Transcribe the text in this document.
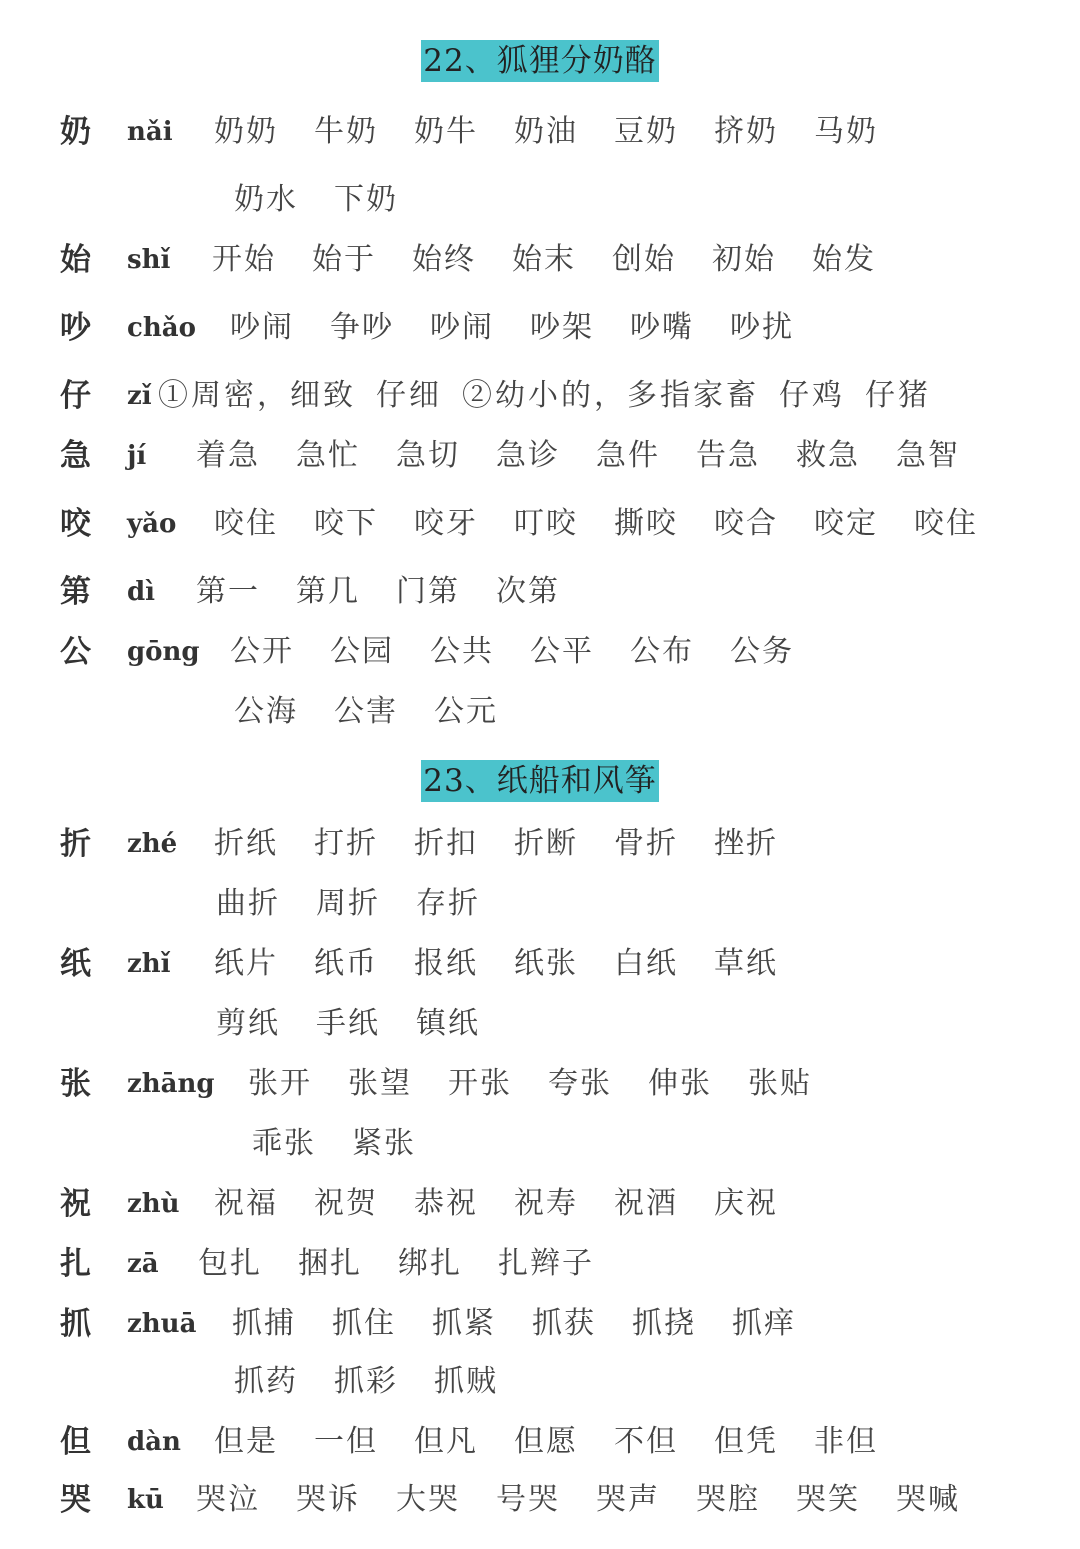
22、狐狸分奶酪
奶 nǎi 奶奶 牛奶 奶牛 奶油 豆奶 挤奶 马奶
奶水 下奶
始 shǐ 开始 始于 始终 始末 创始 初始 始发
吵 chǎo 吵闹 争吵 吵闹 吵架 吵嘴 吵扰
仔 zǐ ①周密，细致 仔细 ②幼小的，多指家畜 仔鸡 仔猪
急 jí 着急 急忙 急切 急诊 急件 告急 救急 急智
咬 yǎo 咬住 咬下 咬牙 叮咬 撕咬 咬合 咬定 咬住
第 dì 第一 第几 门第 次第
公 gōng 公开 公园 公共 公平 公布 公务
公海 公害 公元
23、纸船和风筝
折 zhé 折纸 打折 折扣 折断 骨折 挫折
曲折 周折 存折
纸 zhǐ 纸片 纸币 报纸 纸张 白纸 草纸
剪纸 手纸 镇纸
张 zhāng 张开 张望 开张 夸张 伸张 张贴
乖张 紧张
祝 zhù 祝福 祝贺 恭祝 祝寿 祝酒 庆祝
扎 zā 包扎 捆扎 绑扎 扎辫子
抓 zhuā 抓捕 抓住 抓紧 抓获 抓挠 抓痒
抓药 抓彩 抓贼
但 dàn 但是 一但 但凡 但愿 不但 但凭 非但
哭 kū 哭泣 哭诉 大哭 号哭 哭声 哭腔 哭笑 哭喊
